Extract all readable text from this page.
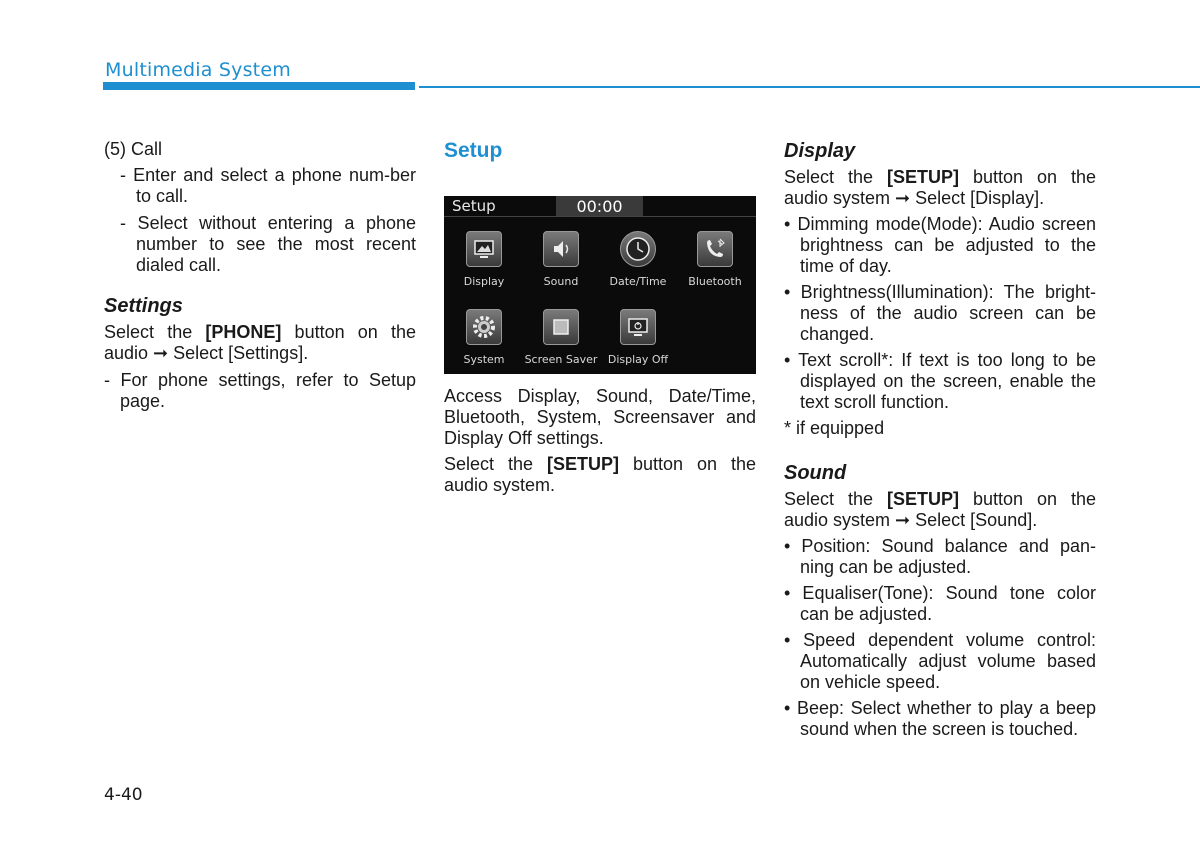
Multimedia System

(5) Call

- Enter and select a phone num-ber to call.

- Select without entering a phone number to see the most recent dialed call.

Settings

Select the [PHONE] button on the audio ➞ Select [Settings].

- For phone settings, refer to Setup page.

Setup

Setup	00:00
Display	Sound	Date/Time	Bluetooth
System	Screen Saver Display Off

Access Display, Sound, Date/Time, Bluetooth, System, Screensaver and Display Off settings.

Select the [SETUP] button on the audio system.

Display

Select the [SETUP] button on the audio system ➞ Select [Display].

• Dimming mode(Mode): Audio screen brightness can be adjusted to the time of day.

• Brightness(Illumination): The bright-ness of the audio screen can be changed.

• Text scroll*: If text is too long to be displayed on the screen, enable the text scroll function.

* if equipped

Sound

Select the [SETUP] button on the audio system ➞ Select [Sound].

• Position: Sound balance and pan-ning can be adjusted.

• Equaliser(Tone): Sound tone color can be adjusted.

• Speed dependent volume control: Automatically adjust volume based on vehicle speed.

• Beep: Select whether to play a beep sound when the screen is touched.

4-40
